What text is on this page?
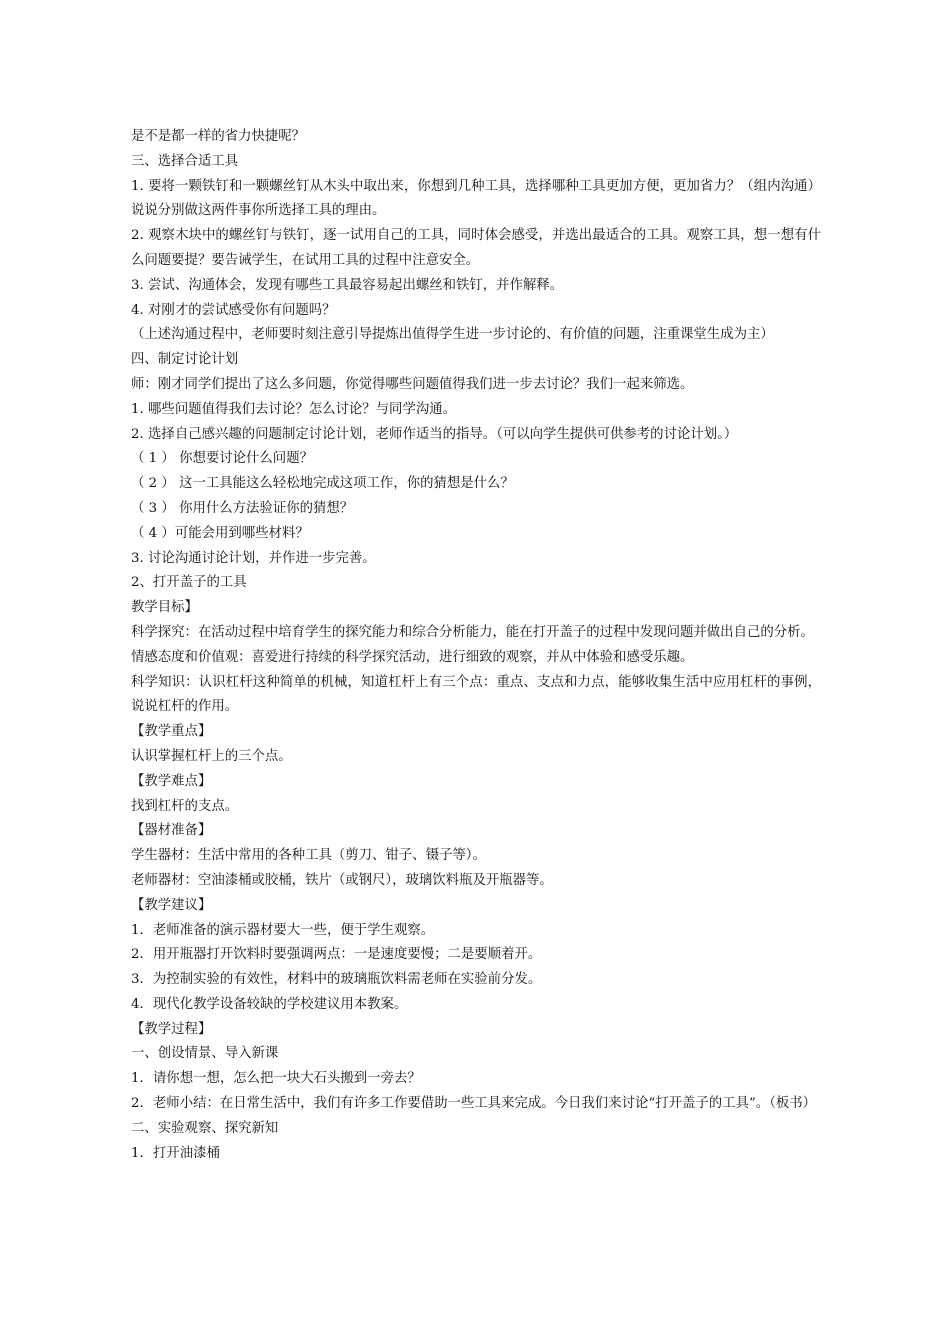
是不是都一样的省力快捷呢？

三、选择合适工具

1. 要将一颗铁钉和一颗螺丝钉从木头中取出来，你想到几种工具，选择哪种工具更加方便，更加省力？（组内沟通）说说分别做这两件事你所选择工具的理由。

2. 观察木块中的螺丝钉与铁钉，逐一试用自己的工具，同时体会感受，并选出最适合的工具。观察工具，想一想有什么问题要提？要告诫学生，在试用工具的过程中注意安全。

3. 尝试、沟通体会，发现有哪些工具最容易起出螺丝和铁钉，并作解释。

4. 对刚才的尝试感受你有问题吗？

（上述沟通过程中，老师要时刻注意引导提炼出值得学生进一步讨论的、有价值的问题，注重课堂生成为主）

四、制定讨论计划

师：刚才同学们提出了这么多问题，你觉得哪些问题值得我们进一步去讨论？我们一起来筛选。

1. 哪些问题值得我们去讨论？怎么讨论？与同学沟通。

2. 选择自己感兴趣的问题制定讨论计划，老师作适当的指导。（可以向学生提供可供参考的讨论计划。）

（ 1 ） 你想要讨论什么问题？

（ 2 ） 这一工具能这么轻松地完成这项工作，你的猜想是什么？

（ 3 ） 你用什么方法验证你的猜想？

（ 4 ）可能会用到哪些材料？

3. 讨论沟通讨论计划，并作进一步完善。

2、打开盖子的工具

教学目标】

科学探究：在活动过程中培育学生的探究能力和综合分析能力，能在打开盖子的过程中发现问题并做出自己的分析。

情感态度和价值观：喜爱进行持续的科学探究活动，进行细致的观察，并从中体验和感受乐趣。

科学知识：认识杠杆这种简单的机械，知道杠杆上有三个点：重点、支点和力点，能够收集生活中应用杠杆的事例，说说杠杆的作用。

【教学重点】

认识掌握杠杆上的三个点。

【教学难点】

找到杠杆的支点。

【器材准备】

学生器材：生活中常用的各种工具（剪刀、钳子、镊子等）。

老师器材：空油漆桶或胶桶，铁片（或钢尺），玻璃饮料瓶及开瓶器等。

【教学建议】

1．老师准备的演示器材要大一些，便于学生观察。

2．用开瓶器打开饮料时要强调两点：一是速度要慢；二是要顺着开。

3．为控制实验的有效性，材料中的玻璃瓶饮料需老师在实验前分发。

4．现代化教学设备较缺的学校建议用本教案。

【教学过程】

一、创设情景、导入新课

1．请你想一想，怎么把一块大石头搬到一旁去？

2．老师小结：在日常生活中，我们有许多工作要借助一些工具来完成。今日我们来讨论“打开盖子的工具”。（板书）

二、实验观察、探究新知

1．打开油漆桶
